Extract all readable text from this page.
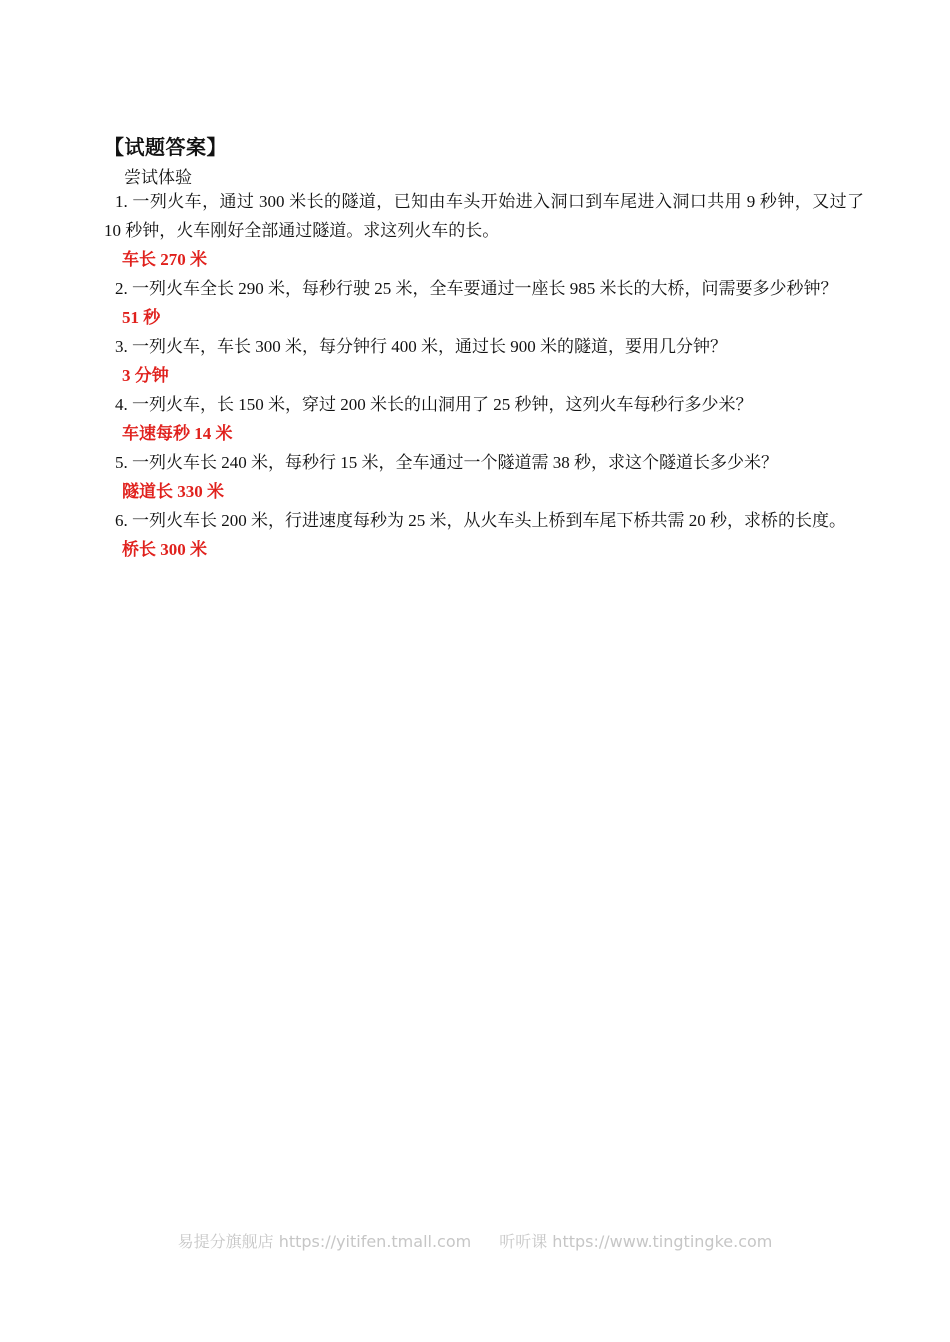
【试题答案】
尝试体验
1. 一列火车，通过 300 米长的隧道，已知由车头开始进入洞口到车尾进入洞口共用 9 秒钟，又过了 10 秒钟，火车刚好全部通过隧道。求这列火车的长。
车长 270 米
2. 一列火车全长 290 米，每秒行驶 25 米，全车要通过一座长 985 米长的大桥，问需要多少秒钟？
51 秒
3. 一列火车，车长 300 米，每分钟行 400 米，通过长 900 米的隧道，要用几分钟？
3 分钟
4. 一列火车，长 150 米，穿过 200 米长的山洞用了 25 秒钟，这列火车每秒行多少米？
车速每秒 14 米
5. 一列火车长 240 米，每秒行 15 米，全车通过一个隧道需 38 秒，求这个隧道长多少米？
隧道长 330 米
6. 一列火车长 200 米，行进速度每秒为 25 米，从火车头上桥到车尾下桥共需 20 秒，求桥的长度。
桥长 300 米
易提分旗舰店 https://yitifen.tmall.com 听听课 https://www.tingtingke.com
